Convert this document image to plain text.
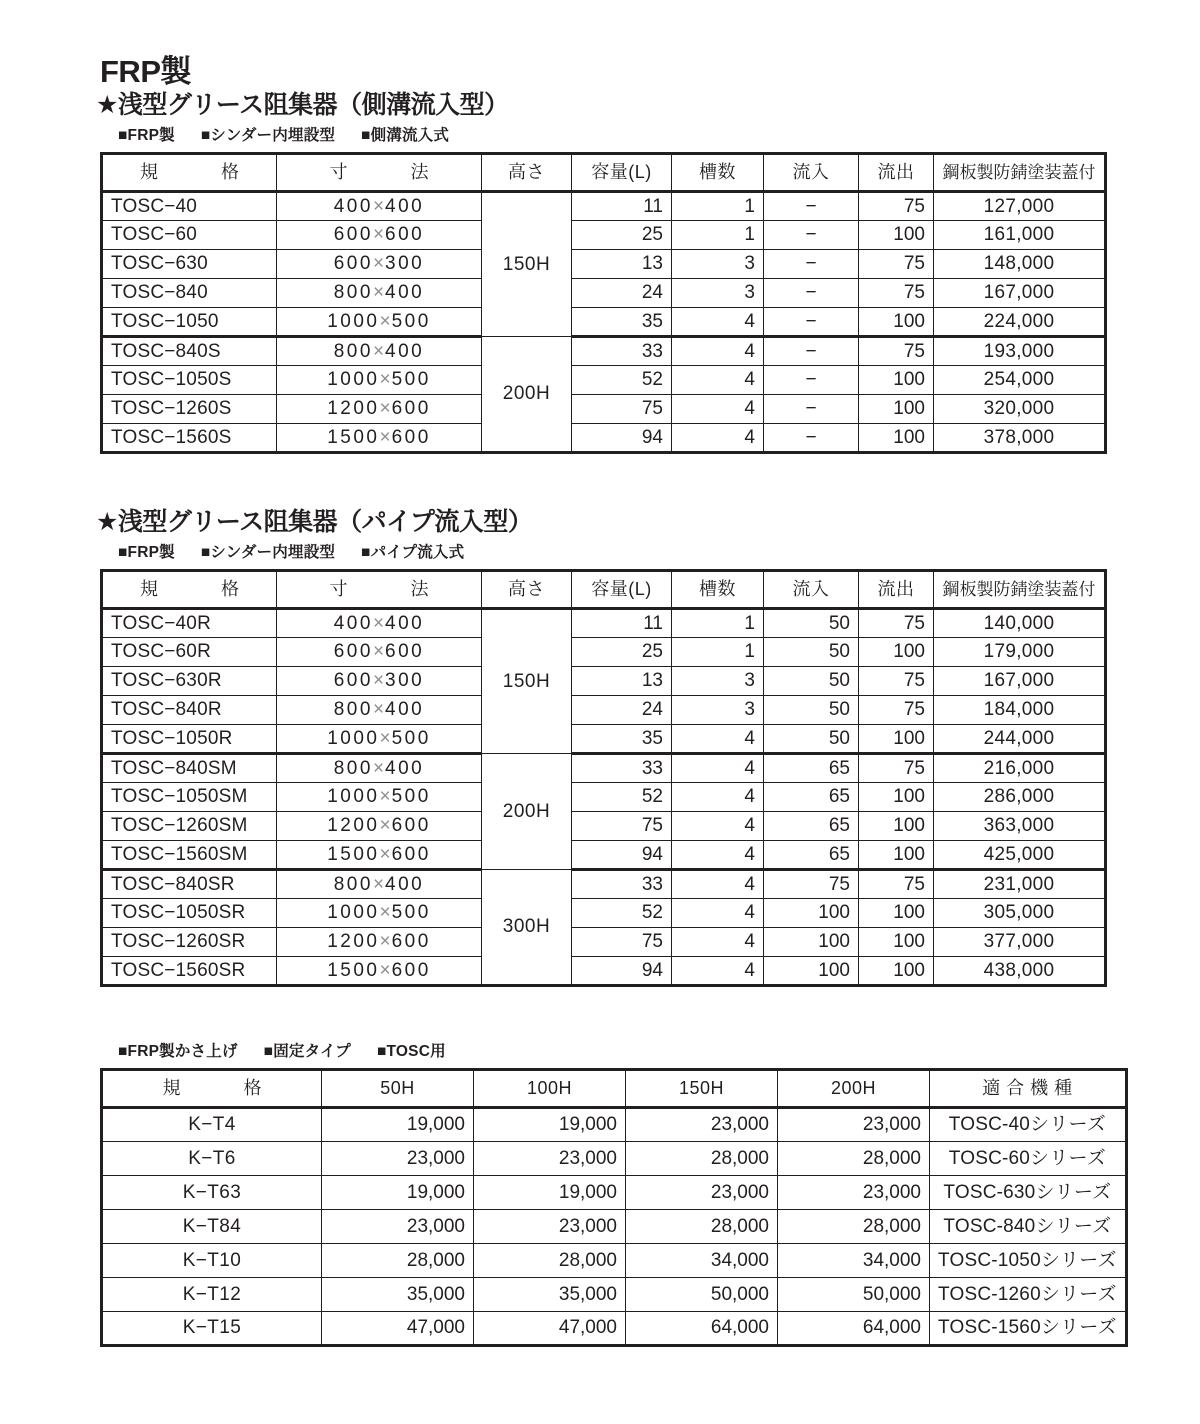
FRP製
★浅型グリース阻集器（側溝流入型）
■FRP製 ■シンダー内埋設型 ■側溝流入式
規　　格	寸　　法	高さ	容量(L)	槽数	流入	流出	鋼板製防錆塗装蓋付
TOSC−40	400×400	150H	11	1	−	75	127,000
TOSC−60	600×600		25	1	−	100	161,000
TOSC−630	600×300		13	3	−	75	148,000
TOSC−840	800×400		24	3	−	75	167,000
TOSC−1050	1000×500		35	4	−	100	224,000
TOSC−840S	800×400	200H	33	4	−	75	193,000
TOSC−1050S	1000×500		52	4	−	100	254,000
TOSC−1260S	1200×600		75	4	−	100	320,000
TOSC−1560S	1500×600		94	4	−	100	378,000
★浅型グリース阻集器（パイプ流入型）
■FRP製 ■シンダー内埋設型 ■パイプ流入式
規　　格	寸　　法	高さ	容量(L)	槽数	流入	流出	鋼板製防錆塗装蓋付
TOSC−40R	400×400	150H	11	1	50	75	140,000
TOSC−60R	600×600		25	1	50	100	179,000
TOSC−630R	600×300		13	3	50	75	167,000
TOSC−840R	800×400		24	3	50	75	184,000
TOSC−1050R	1000×500		35	4	50	100	244,000
TOSC−840SM	800×400	200H	33	4	65	75	216,000
TOSC−1050SM	1000×500		52	4	65	100	286,000
TOSC−1260SM	1200×600		75	4	65	100	363,000
TOSC−1560SM	1500×600		94	4	65	100	425,000
TOSC−840SR	800×400	300H	33	4	75	75	231,000
TOSC−1050SR	1000×500		52	4	100	100	305,000
TOSC−1260SR	1200×600		75	4	100	100	377,000
TOSC−1560SR	1500×600		94	4	100	100	438,000
■FRP製かさ上げ ■固定タイプ ■TOSC用
規　　格	50H	100H	150H	200H	適 合 機 種
K−T4	19,000	19,000	23,000	23,000	TOSC-40シリーズ
K−T6	23,000	23,000	28,000	28,000	TOSC-60シリーズ
K−T63	19,000	19,000	23,000	23,000	TOSC-630シリーズ
K−T84	23,000	23,000	28,000	28,000	TOSC-840シリーズ
K−T10	28,000	28,000	34,000	34,000	TOSC-1050シリーズ
K−T12	35,000	35,000	50,000	50,000	TOSC-1260シリーズ
K−T15	47,000	47,000	64,000	64,000	TOSC-1560シリーズ
